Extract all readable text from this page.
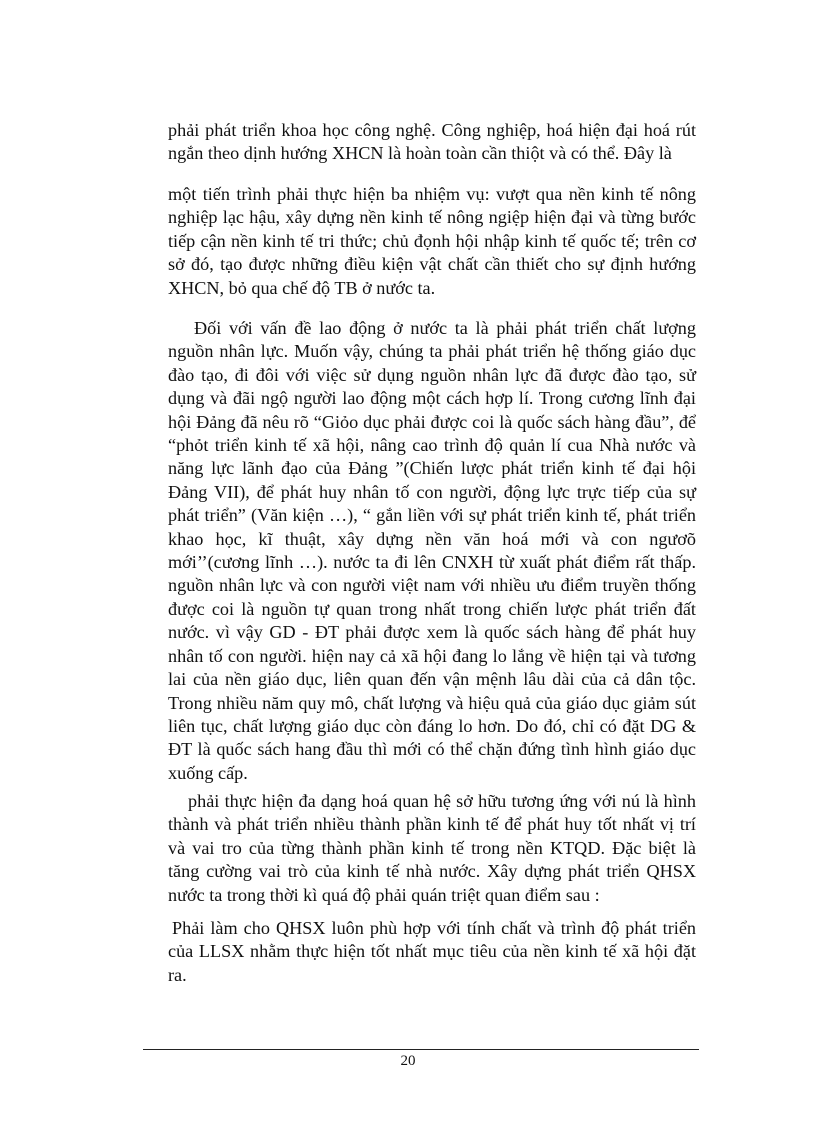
phải phát triển khoa học công nghệ. Công nghiệp, hoá hiện đại hoá rút ngắn theo dịnh hướng XHCN là hoàn toàn cần thiột và có thể. Đây là

một tiến trình phải thực hiện ba nhiệm vụ: vượt qua nền kinh tế nông nghiệp lạc hậu, xây dựng nền kinh tế nông ngiệp hiện đại và từng bước tiếp cận nền kinh tế tri thức; chủ đọnh hội nhập kinh tế quốc tế; trên cơ sở đó, tạo được những điều kiện vật chất cần thiết cho sự định hướng XHCN, bỏ qua chế độ TB ở nước ta.

Đối với vấn đề lao động ở nước ta là phải phát triển chất lượng nguồn nhân lực. Muốn vậy, chúng ta phải phát triển hệ thống giáo dục đào tạo, đi đôi với việc sử dụng nguồn nhân lực đã được đào tạo, sử dụng và đãi ngộ người lao động một cách hợp lí. Trong cương lĩnh đại hội Đảng đã nêu rõ “Giỏo dục phải được coi là quốc sách hàng đầu”, để “phỏt triển kinh tế xã hội, nâng cao trình độ quản lí cua Nhà nước và năng lực lãnh đạo của Đảng ”(Chiến lược phát triển kinh tế đại hội Đảng VII), để phát huy nhân tố con người, động lực trực tiếp của sự phát triển” (Văn kiện …), “ gắn liền với sự phát triển kinh tế, phát triển khao học, kĩ thuật, xây dựng nền văn hoá mới và con ngươõ mới’’(cương lĩnh …). nước ta đi lên CNXH từ xuất phát điểm rất thấp. nguồn nhân lực và con người việt nam với nhiều ưu điểm truyền thống được coi là nguồn tự quan trong nhất trong chiến lược phát triển đất nước. vì vậy GD - ĐT phải được xem là quốc sách hàng để phát huy nhân tố con người. hiện nay cả xã hội đang lo lắng về hiện tại và tương lai của nền giáo dục, liên quan đến vận mệnh lâu dài của cả dân tộc. Trong nhiều năm quy mô, chất lượng và hiệu quả của giáo dục giảm sút liên tục, chất lượng giáo dục còn đáng lo hơn. Do đó, chỉ có đặt DG & ĐT là quốc sách hang đầu thì mới có thể chặn đứng tình hình giáo dục xuống cấp.

phải thực hiện đa dạng hoá quan hệ sở hữu tương ứng với nú là hình thành và phát triển nhiều thành phần kinh tế để phát huy tốt nhất vị trí và vai tro của từng thành phần kinh tế trong nền KTQD. Đặc biệt là tăng cường vai trò của kinh tế nhà nước. Xây dựng phát triển QHSX nước ta trong thời kì quá độ phải quán triệt quan điểm sau :

Phải làm cho QHSX luôn phù hợp với tính chất và trình độ phát triển của LLSX nhằm thực hiện tốt nhất mục tiêu của nền kinh tế xã hội đặt ra.

20
